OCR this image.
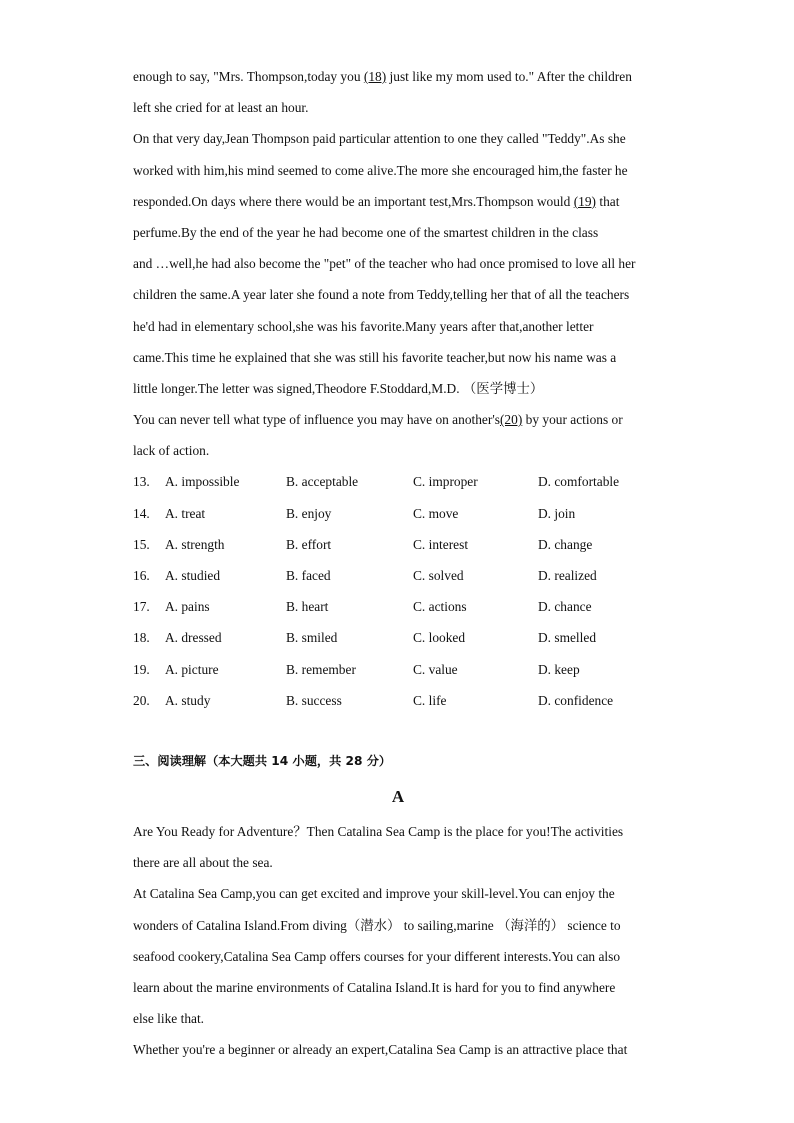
enough to say, "Mrs. Thompson,today you (18) just like my mom used to." After the children
left she cried for at least an hour.
On that very day,Jean Thompson paid particular attention to one they called "Teddy".As she
worked with him,his mind seemed to come alive.The more she encouraged him,the faster he
responded.On days where there would be an important test,Mrs.Thompson would (19) that
perfume.By the end of the year he had become one of the smartest children in the class
and …well,he had also become the "pet" of the teacher who had once promised to love all her
children the same.A year later she found a note from Teddy,telling her that of all the teachers
he'd had in elementary school,she was his favorite.Many years after that,another letter
came.This time he explained that she was still his favorite teacher,but now his name was a
little longer.The letter was signed,Theodore F.Stoddard,M.D. （医学博士）
You can never tell what type of influence you may have on another's(20) by your actions or
lack of action.
13. A. impossible	B. acceptable	C. improper	D. comfortable
14. A. treat	B. enjoy	C. move	D. join
15. A. strength	B. effort	C. interest	D. change
16. A. studied	B. faced	C. solved	D. realized
17. A. pains	B. heart	C. actions	D. chance
18. A. dressed	B. smiled	C. looked	D. smelled
19. A. picture	B. remember	C. value	D. keep
20. A. study	B. success	C. life	D. confidence
三、阅读理解（本大题共 14 小题，共 28 分）
A
Are You Ready for Adventure？Then Catalina Sea Camp is the place for you!The activities
there are all about the sea.
At Catalina Sea Camp,you can get excited and improve your skill-level.You can enjoy the
wonders of Catalina Island.From diving（潜水） to sailing,marine （海洋的） science to
seafood cookery,Catalina Sea Camp offers courses for your different interests.You can also
learn about the marine environments of Catalina Island.It is hard for you to find anywhere
else like that.
Whether you're a beginner or already an expert,Catalina Sea Camp is an attractive place that
